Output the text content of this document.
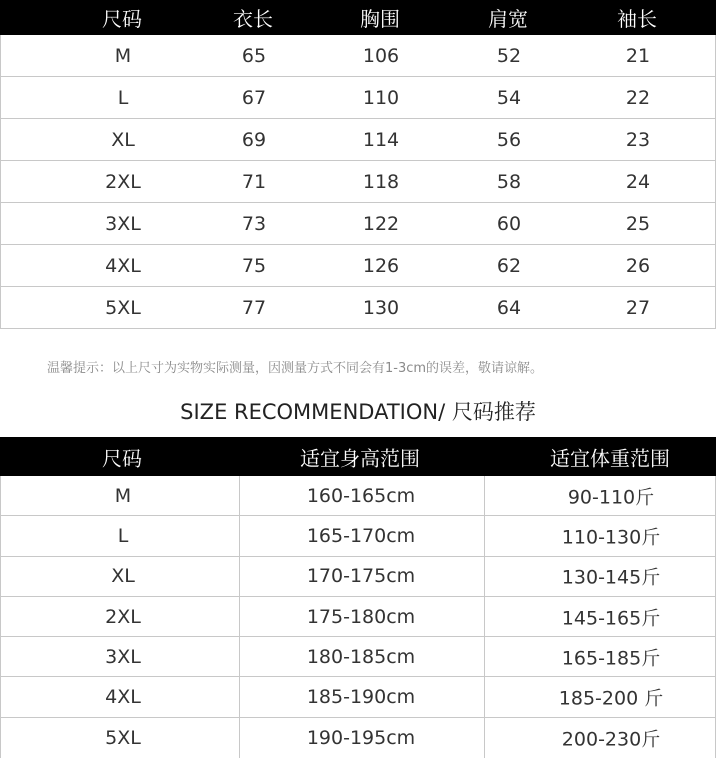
尺码	衣长	胸围	肩宽	袖长
M	65	106	52	21
L	67	110	54	22
XL	69	114	56	23
2XL	71	118	58	24
3XL	73	122	60	25
4XL	75	126	62	26
5XL	77	130	64	27
温馨提示：以上尺寸为实物实际测量，因测量方式不同会有1-3cm的误差，敬请谅解。
SIZE RECOMMENDATION/ 尺码推荐
尺码	适宜身高范围	适宜体重范围
M	160-165cm	90-110斤
L	165-170cm	110-130斤
XL	170-175cm	130-145斤
2XL	175-180cm	145-165斤
3XL	180-185cm	165-185斤
4XL	185-190cm	185-200 斤
5XL	190-195cm	200-230斤
